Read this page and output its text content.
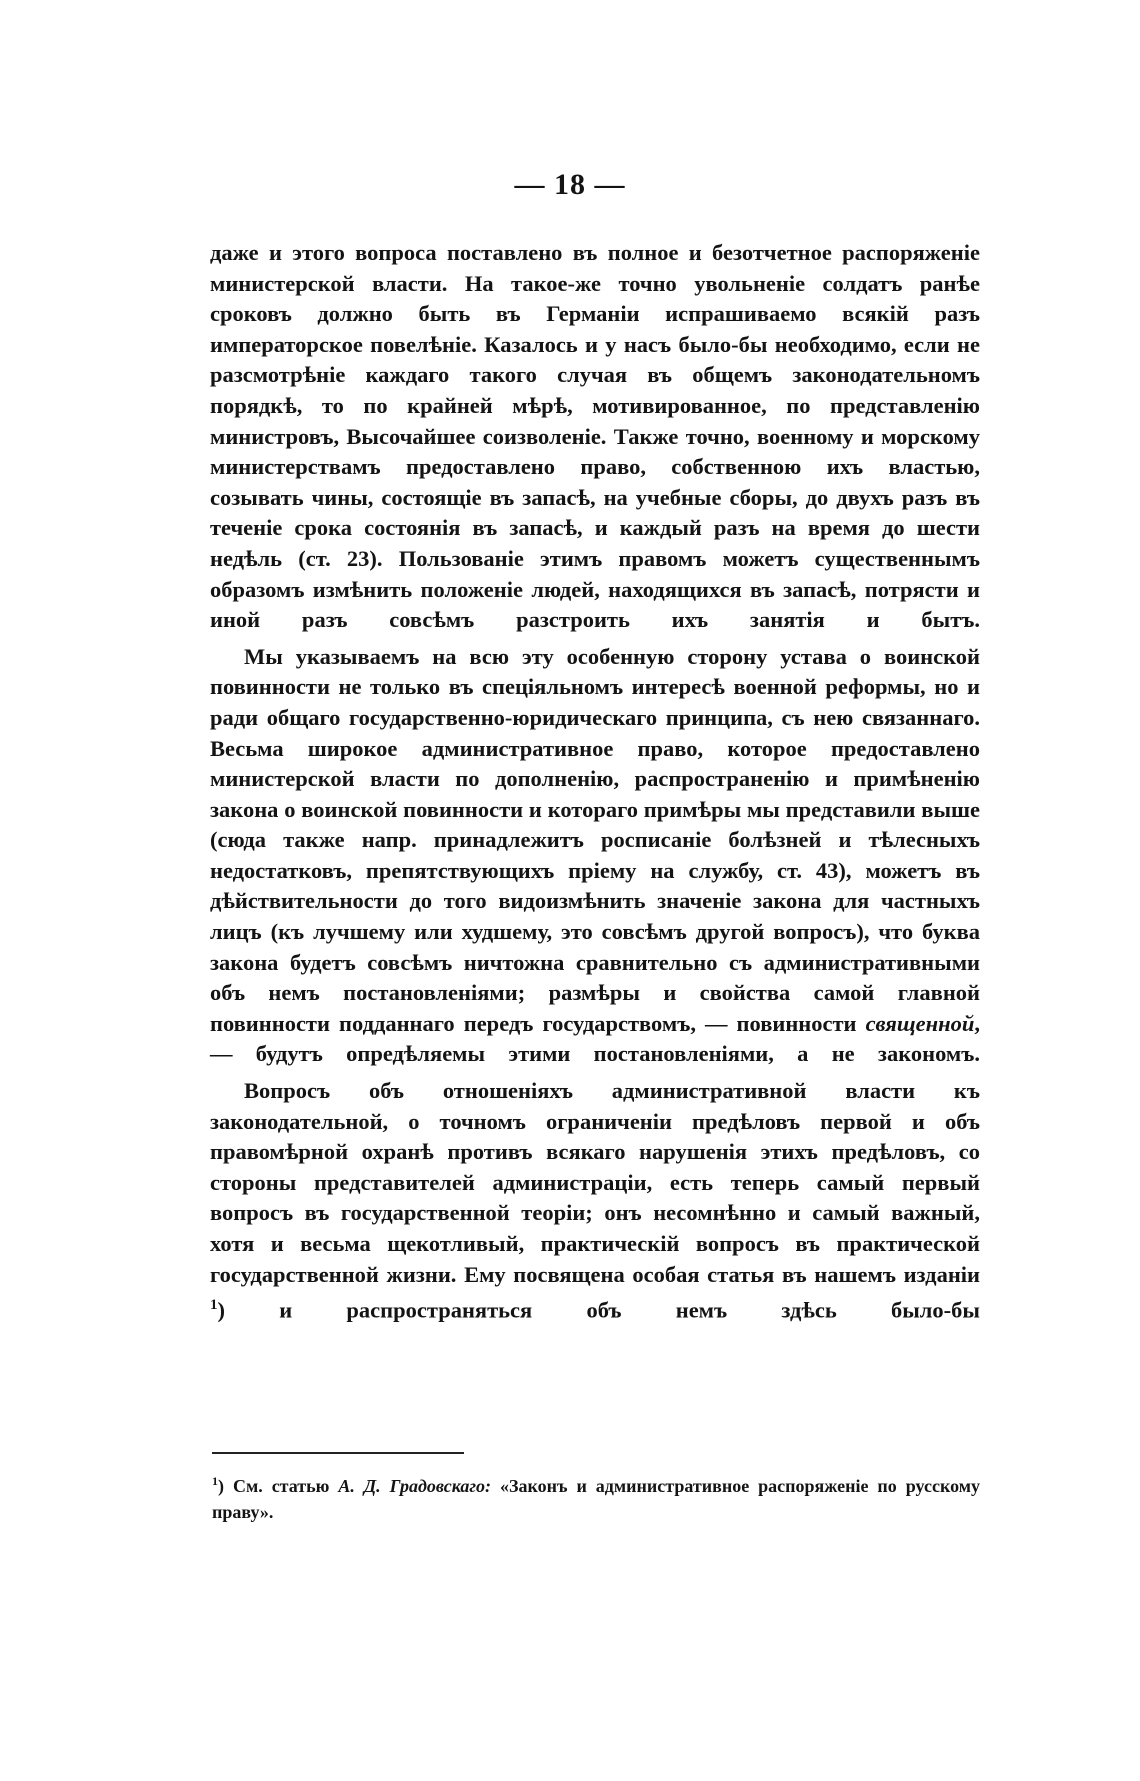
— 18 —

даже и этого вопроса поставлено въ полное и безотчетное распоряженіе министерской власти. На такое-же точно увольненіе солдатъ ранѣе сроковъ должно быть въ Германіи испрашиваемо всякій разъ императорское повелѣніе. Казалось и у насъ было-бы необходимо, если не разсмотрѣніе каждаго такого случая въ общемъ законодательномъ порядкѣ, то по крайней мѣрѣ, мотивированное, по представленію министровъ, Высочайшее соизволеніе. Также точно, военному и морскому министерствамъ предоставлено право, собственною ихъ властью, созывать чины, состоящіе въ запасѣ, на учебные сборы, до двухъ разъ въ теченіе срока состоянія въ запасѣ, и каждый разъ на время до шести недѣль (ст. 23). Пользованіе этимъ правомъ можетъ существеннымъ образомъ измѣнить положеніе людей, находящихся въ запасѣ, потрясти и иной разъ совсѣмъ разстроить ихъ занятія и бытъ.

Мы указываемъ на всю эту особенную сторону устава о воинской повинности не только въ спеціяльномъ интересѣ военной реформы, но и ради общаго государственно-юридическаго принципа, съ нею связаннаго. Весьма широкое административное право, которое предоставлено министерской власти по дополненію, распространенію и примѣненію закона о воинской повинности и котораго примѣры мы представили выше (сюда также напр. принадлежитъ росписаніе болѣзней и тѣлесныхъ недостатковъ, препятствующихъ пріему на службу, ст. 43), можетъ въ дѣйствительности до того видоизмѣнить значеніе закона для частныхъ лицъ (къ лучшему или худшему, это совсѣмъ другой вопросъ), что буква закона будетъ совсѣмъ ничтожна сравнительно съ административными объ немъ постановленіями; размѣры и свойства самой главной повинности подданнаго передъ государствомъ, — повинности священной, — будутъ опредѣляемы этими постановленіями, а не закономъ.

Вопросъ объ отношеніяхъ административной власти къ законодательной, о точномъ ограниченіи предѣловъ первой и объ правомѣрной охранѣ противъ всякаго нарушенія этихъ предѣловъ, со стороны представителей администраціи, есть теперь самый первый вопросъ въ государственной теоріи; онъ несомнѣнно и самый важный, хотя и весьма щекотливый, практическій вопросъ въ практической государственной жизни. Ему посвящена особая статья въ нашемъ изданіи $^1$) и распространяться объ немъ здѣсь было-бы

$^1$) См. статью А. Д. Градовскаго: «Законъ и административное распоряженіе по русскому праву».
